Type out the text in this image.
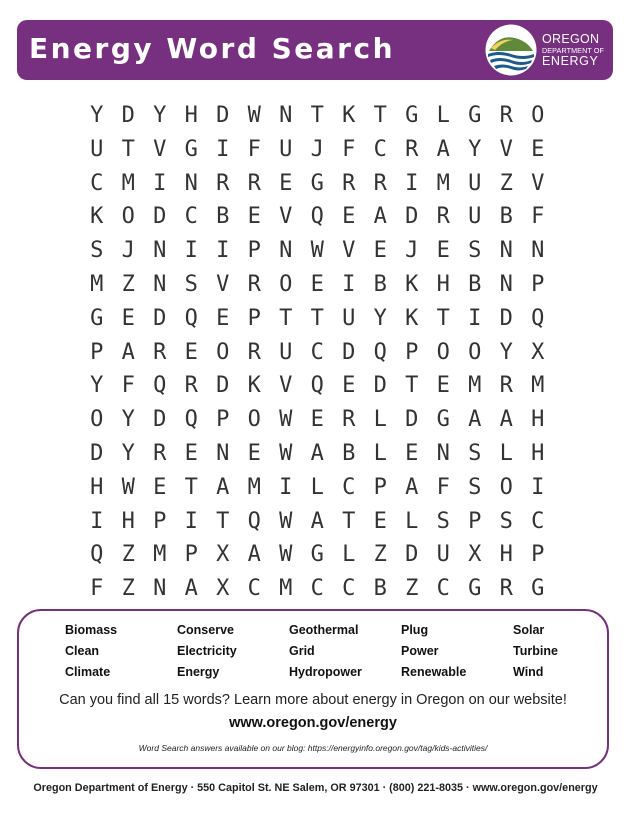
Energy Word Search	OREGON
DEPARTMENT OF
ENERGY
Y D Y H D W N T K T G L G R O
U T V G I F U J F C R A Y V E
C M I N R R E G R R I M U Z V
K O D C B E V Q E A D R U B F
S J N I I P N W V E J E S N N
M Z N S V R O E I B K H B N P
G E D Q E P T T U Y K T I D Q
P A R E O R U C D Q P O O Y X
Y F Q R D K V Q E D T E M R M
O Y D Q P O W E R L D G A A H
D Y R E N E W A B L E N S L H
H W E T A M I L C P A F S O I
I H P I T Q W A T E L S P S C
Q Z M P X A W G L Z D U X H P
F Z N A X C M C C B Z C G R G
Biomass	Conserve	Geothermal	Plug	Solar
Clean	Electricity	Grid	Power	Turbine
Climate	Energy	Hydropower	Renewable	Wind
Can you find all 15 words? Learn more about energy in Oregon on our website!
www.oregon.gov/energy
Word Search answers available on our blog: https://energyinfo.oregon.gov/tag/kids-activities/
Oregon Department of Energy · 550 Capitol St. NE Salem, OR 97301 · (800) 221-8035 · www.oregon.gov/energy
